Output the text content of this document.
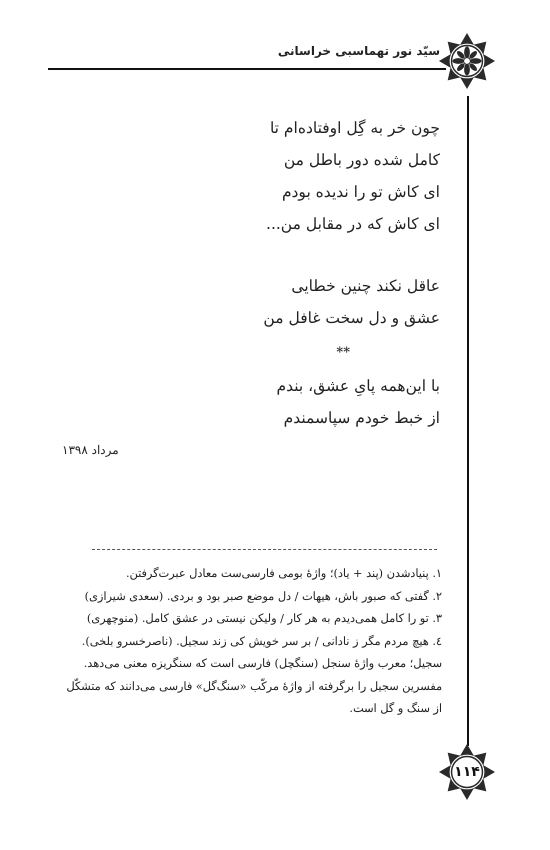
سیّد نور تهماسبی خراسانی
چون خر به گِل اوفتاده‌ام تا
کامل شده دور باطل من
ای کاش تو را ندیده بودم
ای کاش که در مقابل من...
عاقل نکند چنین خطایی
عشق و دل سخت غافل من
**
با این‌همه پایِ عشق، بندم
از خبط خودم سپاسمندم
مرداد ۱۳۹۸

۱. پنیادشدن (پند + یاد)؛ واژهٔ بومی فارسی‌ست معادل عبرت‌گرفتن.

۲. گفتی که صبور باش، هیهات / دل موضع صبر بود و بردی. (سعدی شیرازی)

۳. تو را کامل همی‌دیدم به هر کار / ولیکن نیستی در عشق کامل. (منوچهری)

٤. هیچ مردم مگر ز نادانی / بر سر خویش کی زند سجیل. (ناصرخسرو بلخی).

سجیل؛ معرب واژهٔ سنجل (سنگچل) فارسی است که سنگریزه معنی می‌دهد. مفسرین سجیل را برگرفته از واژهٔ مرکّب «سنگ‌گل» فارسی می‌دانند که متشکّل از سنگ و گل است.

۱۱۴
